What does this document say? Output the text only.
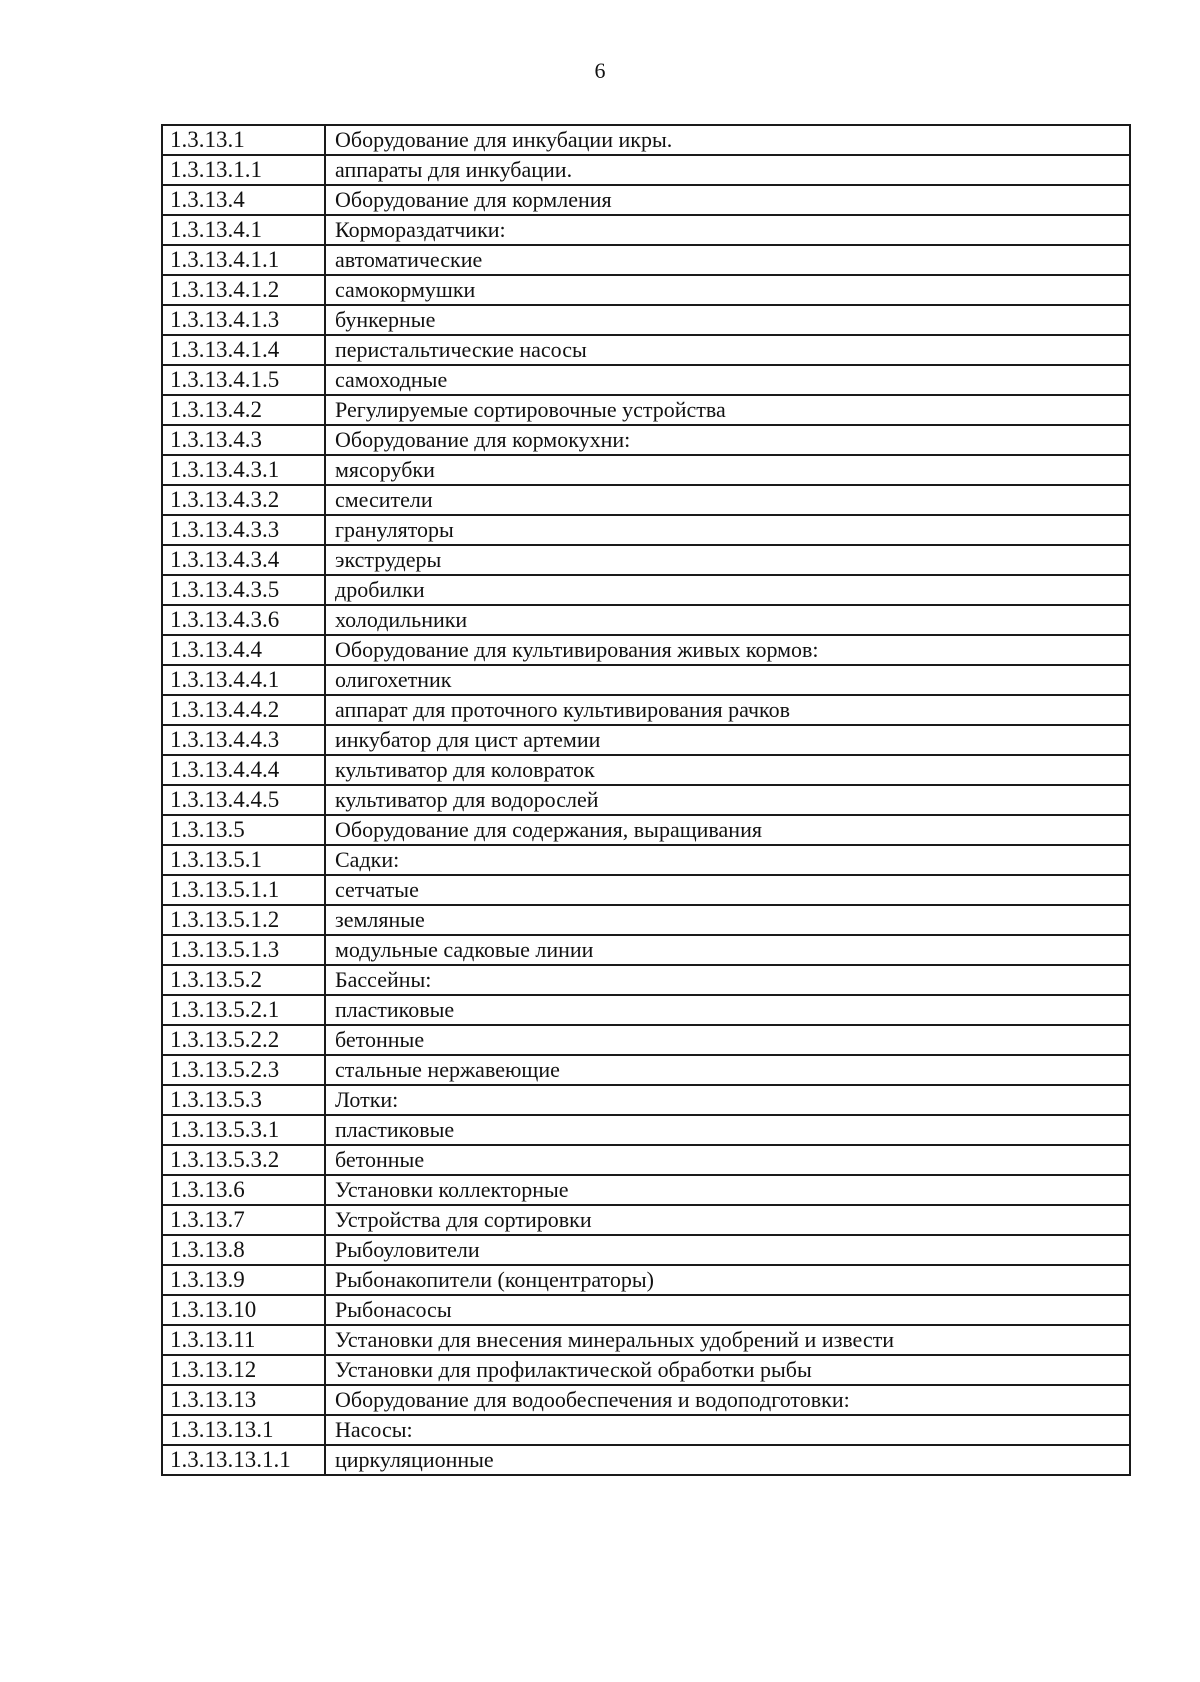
6
1.3.13.1	Оборудование для инкубации икры.
1.3.13.1.1	аппараты для инкубации.
1.3.13.4	Оборудование для кормления
1.3.13.4.1	Кормораздатчики:
1.3.13.4.1.1	автоматические
1.3.13.4.1.2	самокормушки
1.3.13.4.1.3	бункерные
1.3.13.4.1.4	перистальтические насосы
1.3.13.4.1.5	самоходные
1.3.13.4.2	Регулируемые сортировочные устройства
1.3.13.4.3	Оборудование для кормокухни:
1.3.13.4.3.1	мясорубки
1.3.13.4.3.2	смесители
1.3.13.4.3.3	грануляторы
1.3.13.4.3.4	экструдеры
1.3.13.4.3.5	дробилки
1.3.13.4.3.6	холодильники
1.3.13.4.4	Оборудование для культивирования живых кормов:
1.3.13.4.4.1	олигохетник
1.3.13.4.4.2	аппарат для проточного культивирования рачков
1.3.13.4.4.3	инкубатор для цист артемии
1.3.13.4.4.4	культиватор для коловраток
1.3.13.4.4.5	культиватор для водорослей
1.3.13.5	Оборудование для содержания, выращивания
1.3.13.5.1	Садки:
1.3.13.5.1.1	сетчатые
1.3.13.5.1.2	земляные
1.3.13.5.1.3	модульные садковые линии
1.3.13.5.2	Бассейны:
1.3.13.5.2.1	пластиковые
1.3.13.5.2.2	бетонные
1.3.13.5.2.3	стальные нержавеющие
1.3.13.5.3	Лотки:
1.3.13.5.3.1	пластиковые
1.3.13.5.3.2	бетонные
1.3.13.6	Установки коллекторные
1.3.13.7	Устройства для сортировки
1.3.13.8	Рыбоуловители
1.3.13.9	Рыбонакопители (концентраторы)
1.3.13.10	Рыбонасосы
1.3.13.11	Установки для внесения минеральных удобрений и извести
1.3.13.12	Установки для профилактической обработки рыбы
1.3.13.13	Оборудование для водообеспечения и водоподготовки:
1.3.13.13.1	Насосы:
1.3.13.13.1.1	циркуляционные
